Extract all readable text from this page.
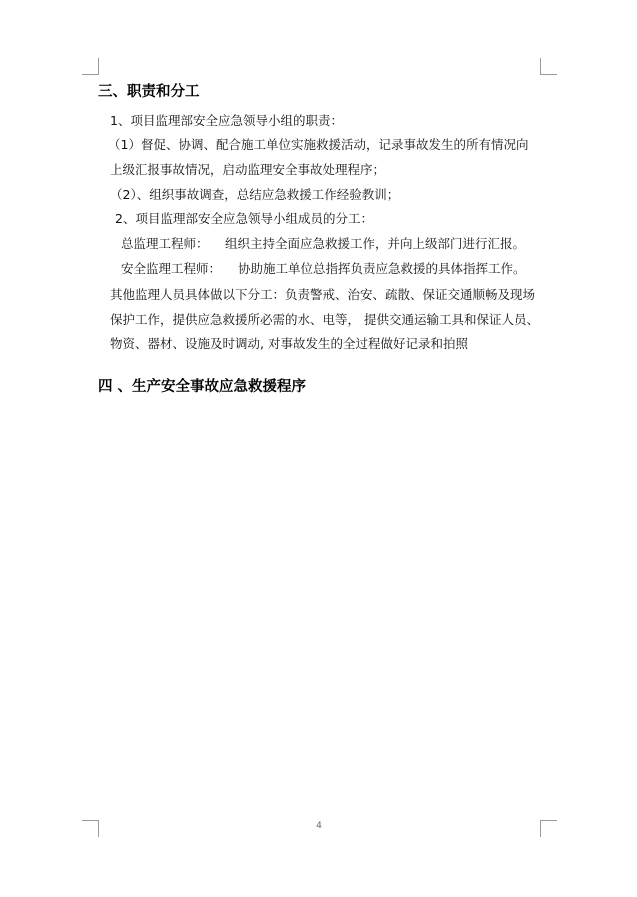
三、职责和分工
1、项目监理部安全应急领导小组的职责：
（1）督促、协调、配合施工单位实施救援活动，记录事故发生的所有情况向
上级汇报事故情况，启动监理安全事故处理程序；
（2）、组织事故调查，总结应急救援工作经验教训；
2、项目监理部安全应急领导小组成员的分工：
总监理工程师： 组织主持全面应急救援工作，并向上级部门进行汇报。
安全监理工程师： 协助施工单位总指挥负责应急救援的具体指挥工作。
其他监理人员具体做以下分工：负责警戒、治安、疏散、保证交通顺畅及现场
保护工作，提供应急救援所必需的水、电等， 提供交通运输工具和保证人员、
物资、器材、设施及时调动, 对事故发生的全过程做好记录和拍照
四 、生产安全事故应急救援程序
4
